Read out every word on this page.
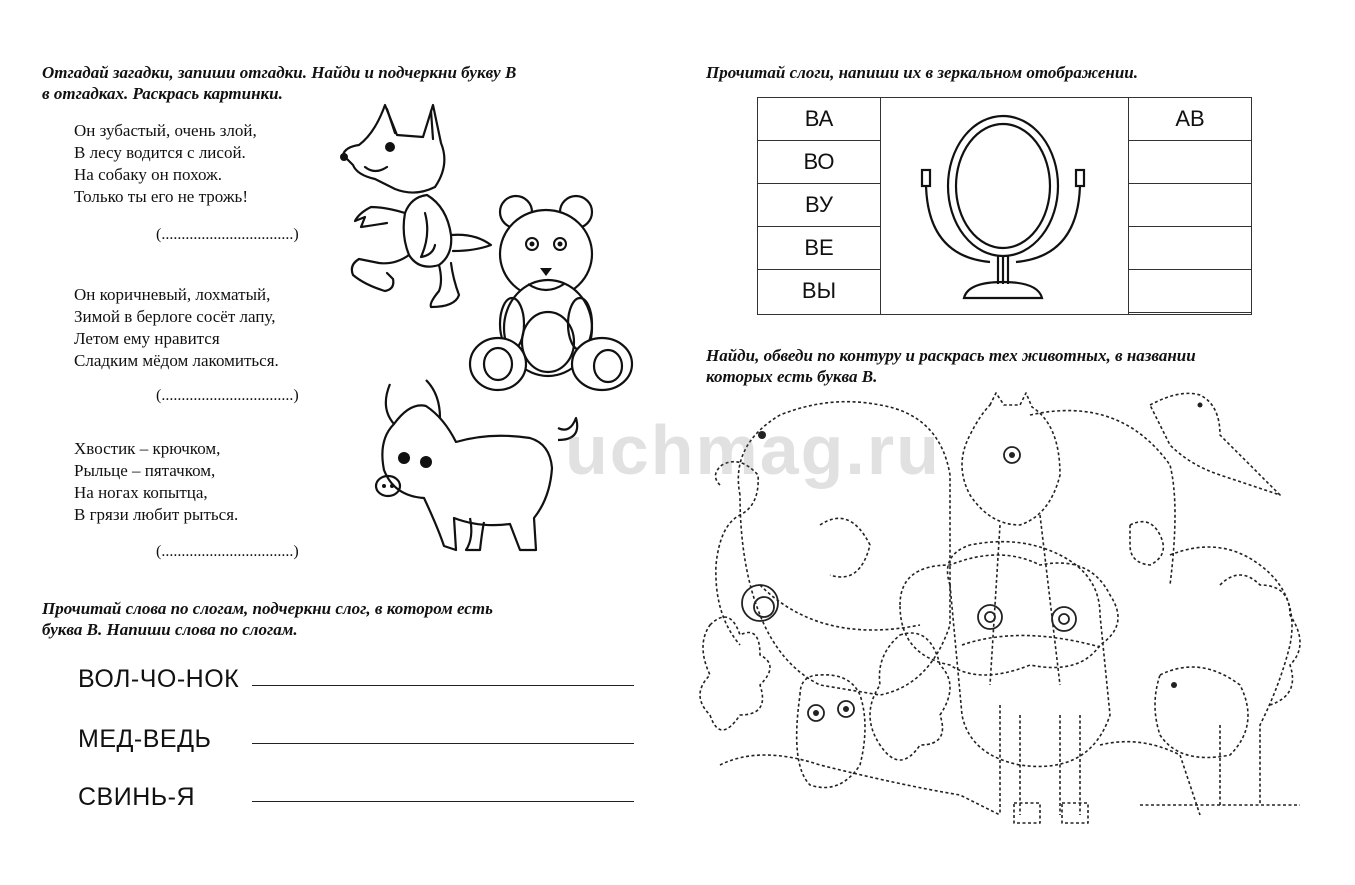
Отгадай загадки, запиши отгадки. Найди и подчеркни букву В
в отгадках. Раскрась картинки.

Он зубастый, очень злой,
В лесу водится с лисой.
На собаку он похож.
Только ты его не трожь!
(.................................)
Он коричневый, лохматый,
Зимой в берлоге сосёт лапу,
Летом ему нравится
Сладким мёдом лакомиться.
(.................................)
Хвостик – крючком,
Рыльце – пятачком,
На ногах копытца,
В грязи любит рыться.
(.................................)

Прочитай слова по слогам, подчеркни слог, в котором есть
буква В. Напиши слова по слогам.

ВОЛ-ЧО-НОК
МЕД-ВЕДЬ
СВИНЬ-Я

Прочитай слоги, напиши их в зеркальном отображении.

ВА
ВО
ВУ
ВЕ
ВЫ
АВ

Найди, обведи по контуру и раскрась тех животных, в названии
которых есть буква В.

uchmag.ru
